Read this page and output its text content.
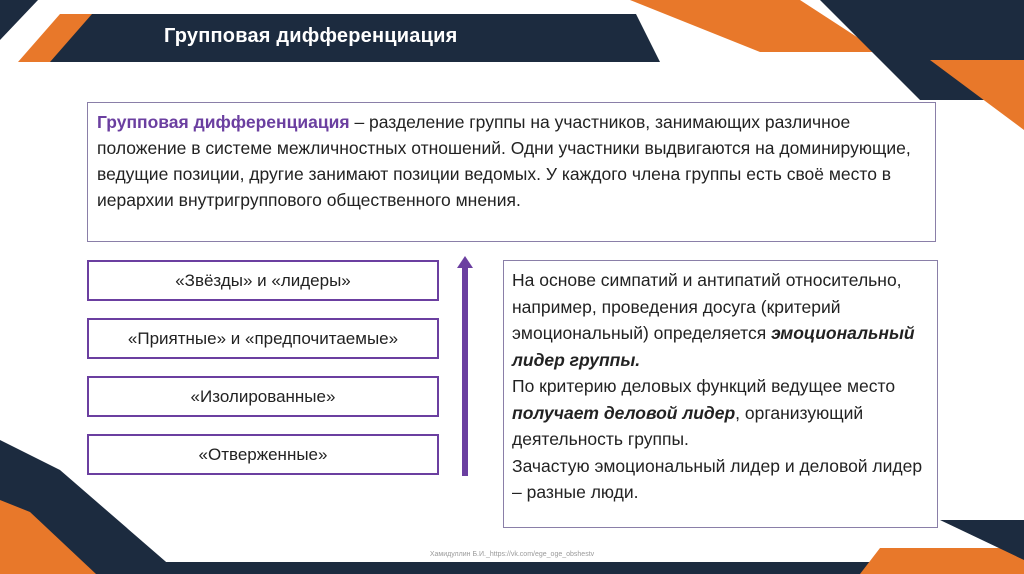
Групповая дифференциация

Групповая дифференциация – разделение группы на участников, занимающих различное положение в системе межличностных отношений. Одни участники выдвигаются на доминирующие, ведущие позиции, другие занимают позиции ведомых. У каждого члена группы есть своё место в иерархии внутригруппового общественного мнения.

«Звёзды» и «лидеры»
«Приятные» и «предпочитаемые»
«Изолированные»
«Отверженные»

На основе симпатий и антипатий относительно, например, проведения досуга (критерий эмоциональный) определяется эмоциональный лидер группы.
По критерию деловых функций ведущее место получает деловой лидер, организующий деятельность группы.
Зачастую эмоциональный лидер и деловой лидер – разные люди.

Хамидуллин Б.И._https://vk.com/ege_oge_obshestv
